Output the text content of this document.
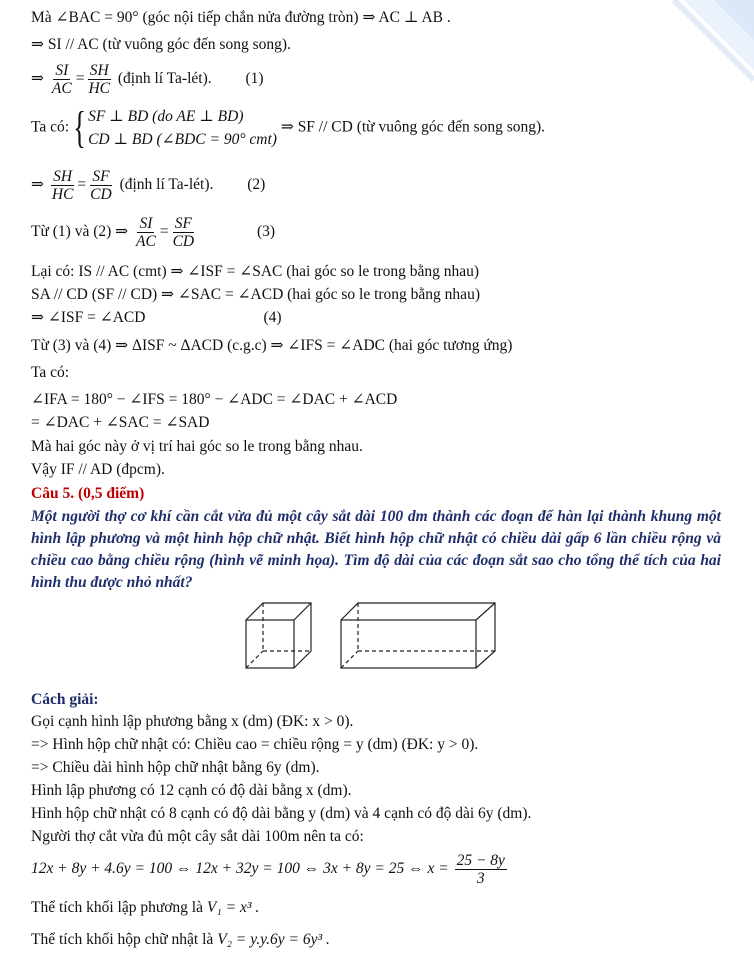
Mà ∠BAC = 90° (góc nội tiếp chắn nửa đường tròn) ⇒ AC ⊥ AB .
⇒ SI // AC (từ vuông góc đến song song).
⇒ $\frac{SI}{AC} = \frac{SH}{HC}$ (định lí Ta-lét). (1)
Ta có: { SF ⊥ BD (do AE ⊥ BD)
CD ⊥ BD (∠BDC = 90° cmt)
⇒ SF // CD (từ vuông góc đến song song).
⇒ $\frac{SH}{HC} = \frac{SF}{CD}$ (định lí Ta-lét). (2)
Từ (1) và (2) ⇒ $\frac{SI}{AC} = \frac{SF}{CD}$	(3)
Lại có: IS // AC (cmt) ⇒ ∠ISF = ∠SAC (hai góc so le trong bằng nhau)
SA // CD (SF // CD) ⇒ ∠SAC = ∠ACD (hai góc so le trong bằng nhau)
⇒ ∠ISF = ∠ACD	(4)
Từ (3) và (4) ⇒ ΔISF ~ ΔACD (c.g.c) ⇒ ∠IFS = ∠ADC (hai góc tương ứng)
Ta có:
∠IFA = 180° − ∠IFS = 180° − ∠ADC = ∠DAC + ∠ACD
= ∠DAC + ∠SAC = ∠SAD
Mà hai góc này ở vị trí hai góc so le trong bằng nhau.
Vậy IF // AD (đpcm).
Câu 5. (0,5 điểm)
Một người thợ cơ khí cần cắt vừa đủ một cây sắt dài 100 dm thành các đoạn để hàn lại thành khung một hình lập phương và một hình hộp chữ nhật. Biết hình hộp chữ nhật có chiều dài gấp 6 lần chiều rộng và chiều cao bằng chiều rộng (hình vẽ minh họa). Tìm độ dài của các đoạn sắt sao cho tổng thể tích của hai hình thu được nhỏ nhất?
Cách giải:
Gọi cạnh hình lập phương bằng x (dm) (ĐK: x > 0).
=> Hình hộp chữ nhật có: Chiều cao = chiều rộng = y (dm) (ĐK: y > 0).
=> Chiều dài hình hộp chữ nhật bằng 6y (dm).
Hình lập phương có 12 cạnh có độ dài bằng x (dm).
Hình hộp chữ nhật có 8 cạnh có độ dài bằng y (dm) và 4 cạnh có độ dài 6y (dm).
Người thợ cắt vừa đủ một cây sắt dài 100m nên ta có:
12x + 8y + 4.6y = 100 ⇔ 12x + 32y = 100 ⇔ 3x + 8y = 25 ⇔ $x = \frac{25 - 8y}{3}$
Thể tích khối lập phương là V₁ = x³ .
Thể tích khối hộp chữ nhật là V₂ = y.y.6y = 6y³ .
